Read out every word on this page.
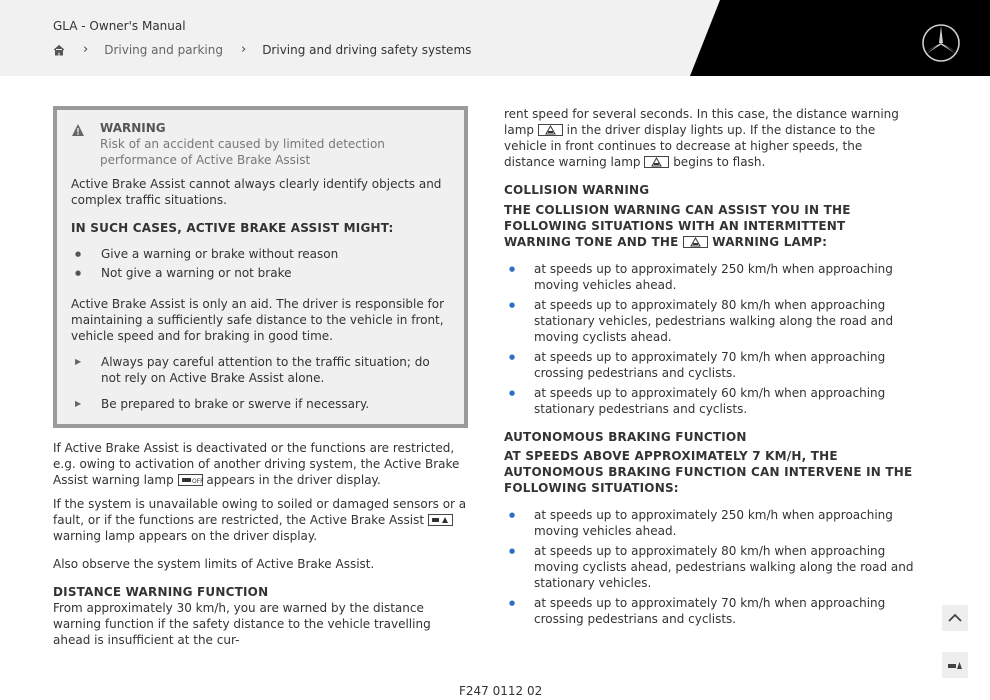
GLA - Owner's Manual
› Driving and parking › Driving and driving safety systems
WARNING
Risk of an accident caused by limited detection performance of Active Brake Assist
Active Brake Assist cannot always clearly identify objects and complex traffic situations.
IN SUCH CASES, ACTIVE BRAKE ASSIST MIGHT:
● Give a warning or brake without reason
● Not give a warning or not brake
Active Brake Assist is only an aid. The driver is responsible for maintaining a sufficiently safe distance to the vehicle in front, vehicle speed and for braking in good time.
▶ Always pay careful attention to the traffic situation; do not rely on Active Brake Assist alone.
▶ Be prepared to brake or swerve if necessary.
If Active Brake Assist is deactivated or the functions are restricted, e.g. owing to activation of another driving system, the Active Brake Assist warning lamp	OFF appears in the driver display.
If the system is unavailable owing to soiled or damaged sensors or a fault, or if the functions are restricted, the Active Brake Assist
warning lamp appears on the driver display.
Also observe the system limits of Active Brake Assist.
DISTANCE WARNING FUNCTION
From approximately 30 km/h, you are warned by the distance warning function if the safety distance to the vehicle travelling ahead is insufficient at the cur-
rent speed for several seconds. In this case, the distance warning lamp	in the driver display lights up. If the distance to the vehicle in front continues to decrease at higher speeds, the distance warning lamp	begins to flash.
COLLISION WARNING
THE COLLISION WARNING CAN ASSIST YOU IN THE FOLLOWING SITUATIONS WITH AN INTERMITTENT WARNING TONE AND THE	WARNING LAMP:
● at speeds up to approximately 250 km/h when approaching moving vehicles ahead.
● at speeds up to approximately 80 km/h when approaching stationary vehicles, pedestrians walking along the road and moving cyclists ahead.
● at speeds up to approximately 70 km/h when approaching crossing pedestrians and cyclists.
● at speeds up to approximately 60 km/h when approaching stationary pedestrians and cyclists.
AUTONOMOUS BRAKING FUNCTION
AT SPEEDS ABOVE APPROXIMATELY 7 KM/H, THE AUTONOMOUS BRAKING FUNCTION CAN INTERVENE IN THE FOLLOWING SITUATIONS:
● at speeds up to approximately 250 km/h when approaching moving vehicles ahead.
● at speeds up to approximately 80 km/h when approaching moving cyclists ahead, pedestrians walking along the road and stationary vehicles.
● at speeds up to approximately 70 km/h when approaching crossing pedestrians and cyclists.
F247 0112 02
